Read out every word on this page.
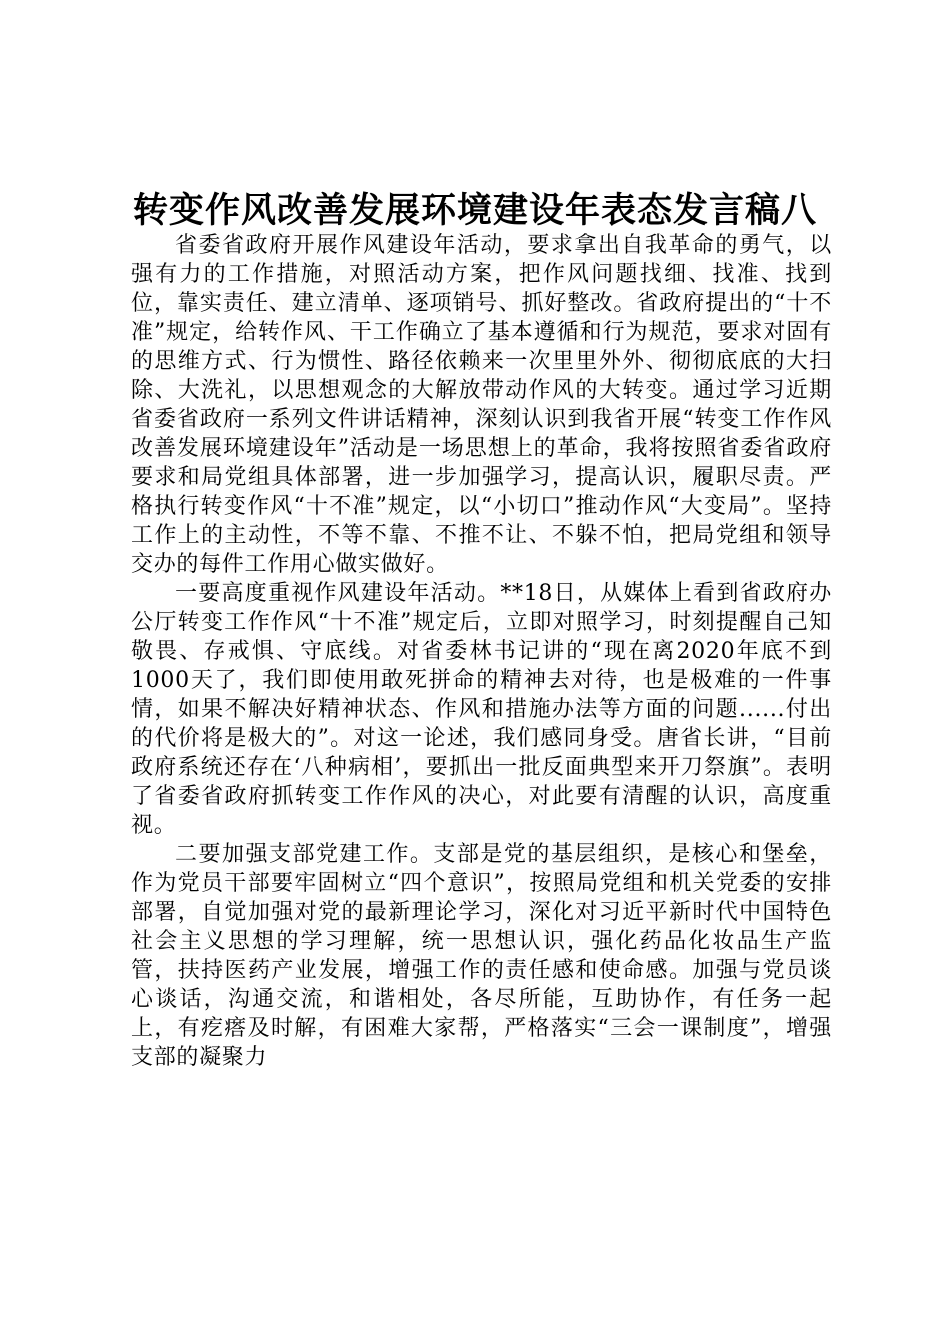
转变作风改善发展环境建设年表态发言稿八

省委省政府开展作风建设年活动，要求拿出自我革命的勇气，以强有力的工作措施，对照活动方案，把作风问题找细、找准、找到位，靠实责任、建立清单、逐项销号、抓好整改。省政府提出的“十不准”规定，给转作风、干工作确立了基本遵循和行为规范，要求对固有的思维方式、行为惯性、路径依赖来一次里里外外、彻彻底底的大扫除、大洗礼，以思想观念的大解放带动作风的大转变。通过学习近期省委省政府一系列文件讲话精神，深刻认识到我省开展“转变工作作风改善发展环境建设年”活动是一场思想上的革命，我将按照省委省政府要求和局党组具体部署，进一步加强学习，提高认识，履职尽责。严格执行转变作风“十不准”规定，以“小切口”推动作风“大变局”。坚持工作上的主动性，不等不靠、不推不让、不躲不怕，把局党组和领导交办的每件工作用心做实做好。

一要高度重视作风建设年活动。**18日，从媒体上看到省政府办公厅转变工作作风“十不准”规定后，立即对照学习，时刻提醒自己知敬畏、存戒惧、守底线。对省委林书记讲的“现在离2020年底不到1000天了，我们即使用敢死拼命的精神去对待，也是极难的一件事情，如果不解决好精神状态、作风和措施办法等方面的问题......付出的代价将是极大的”。对这一论述，我们感同身受。唐省长讲，“目前政府系统还存在‘八种病相’，要抓出一批反面典型来开刀祭旗”。表明了省委省政府抓转变工作作风的决心，对此要有清醒的认识，高度重视。

二要加强支部党建工作。支部是党的基层组织，是核心和堡垒，作为党员干部要牢固树立“四个意识”，按照局党组和机关党委的安排部署，自觉加强对党的最新理论学习，深化对习近平新时代中国特色社会主义思想的学习理解，统一思想认识，强化药品化妆品生产监管，扶持医药产业发展，增强工作的责任感和使命感。加强与党员谈心谈话，沟通交流，和谐相处，各尽所能，互助协作，有任务一起上，有疙瘩及时解，有困难大家帮，严格落实“三会一课制度”，增强支部的凝聚力
